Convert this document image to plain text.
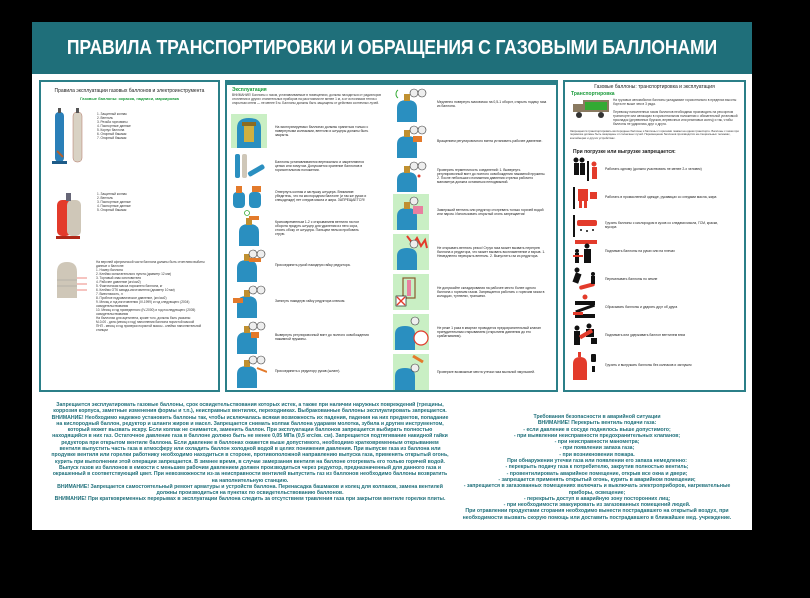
ПРАВИЛА ТРАНСПОРТИРОВКИ И ОБРАЩЕНИЯ С ГАЗОВЫМИ БАЛЛОНАМИ
Правила эксплуатации газовых баллонов и электроинструмента
Газовые баллоны: окраска, надписи, маркировка
1. Защитный колпак
2. Вентиль
3. Резьба горловины
4. Паспортные данные
5. Корпус баллона
6. Опорный башмак
7. Опорный башмак
1. Защитный колпак
2. Вентиль
3. Паспортные данные
4. Паспортные данные
5. Опорный башмак
На верхней сферической части баллона должны быть отчетливо выбиты данные о баллоне:
1. Номер баллона
2. Клеймо испытательного пункта (диаметр 12 мм)
3. Торговый знак изготовителя
4. Рабочее давление (кгс/см2)
5. Фактическая масса порожнего баллона, кг
6. Клеймо ОТК завода-изготовителя (диаметр 10 мм)
7. Вместимость, л
8. Пробное гидравлическое давление, (кгс/см2)
9. Месяц и год изготовления (IV-1999) и год следующего (2004) освидетельствования
10. Месяц и год проведенного (IV-2000) и год последующего (2005) освидетельствования
На баллонах для ацетилена, кроме того, должны быть указаны:
М-0-00 - дата (месяц и год) наполнения баллона пористой массой
ПНП - месяц и год проверки пористой массы - клеймо наполнительной станции
Эксплуатация
ВНИМАНИЕ! Баллоны с газом, устанавливаемые в помещениях, должны находиться от радиаторов отопления и других отопительных приборов на расстоянии не менее 1 м, а от источников тепла с открытым огнем — не менее 5 м. Баллоны должны быть защищены от действия солнечных лучей.
На эксплуатируемых баллонах должны храниться только с навернутыми колпаками, вентили и штуцеры должны быть закрыты.
Баллоны устанавливаются вертикально и закрепляются цепью или хомутом. Допускается хранение баллонов в горизонтальном положении.
Отвернуть колпак и заглушку штуцера. Внимание: убедитесь, что на кислородном баллоне (и так же руках и спецодежде) нет следов масла и жира. ЗАПРЕЩАЕТСЯ!
Кратковременным 1-2 с открыванием вентиля на пол оборота продуть штуцер для удаления из него сора, стоять сбоку от штуцера. Пальцем нельзя пробовать струю.
Присоединить рукой накидную гайку редуктора.
Затянуть накидную гайку редуктора ключом.
Вывернуть регулировочный винт до полного освобождения нажимной пружины.
Присоединить к редуктору рукав (шланг).
Медленно повернуть маховичок на 0,5-1 оборот, открыть подачу газа из баллона.
Вращением регулировочного винта установить рабочее давление.
Проверить герметичность соединений: 1. Вывернуть регулировочный винт до полного освобождения нажимной пружины. 2. После небольшого понижения давления стрелка рабочего манометра должна оставаться неподвижной.
Замерзший вентиль или редуктор отогревать только горячей водой или паром. Использовать открытый огонь запрещается!
Не открывать вентиль резко! Струя газа может вызвать перегрев баллона и редуктора, что может вызвать воспламенение и взрыв. 1. Немедленно перекрыть вентиль. 2. Выпустить газ из редуктора.
Не допускайте складирования на рабочее место более одного баллона с горючим газом. Запрещается работать с горючим газом в колодцах, туннелях, траншеях.
Не реже 1 раза в квартал проводится предохранительный клапан принудительным открыванием (открытием давления до его срабатывания).
Проверьте возможные места утечки газа мыльной эмульсией.
Газовые баллоны: транспортировка и эксплуатация
Транспортировка
На грузовых автомобилях баллоны укладывают горизонтально в пределах высоты борта не выше чем в 3 ряда.
Перевозку наполненных газом баллонов необходимо производить на рессорном транспорте или автокарах в горизонтальном положении с обязательной установкой прокладок (деревянных брусков, веревочных или резиновых колец) и так, чтобы баллоны не ударялись друг о друга.
Запрещается транспортировать кислородные баллоны и баллоны с горючими газами на одном транспорте. Баллоны с газом при перевозке должны быть защищены от солнечных лучей. Перемещение баллонов производится на специальных тележках, контейнерах и других устройствах.
При погрузке или выгрузке запрещается:
Работать одному (должно участвовать не менее 2-х человек)
Работать в промасленной одежде, рукавицах со следами масла, жира
Грузить баллоны с кислородом в кузов со следами масла, ГСМ, краски, мусора
Поднимать баллоны на руках или на плечах
Перекатывать баллоны по земле
Сбрасывать баллоны и ударять друг об друга
Поднимать или удерживать баллон вентилем вниз
Грузить и выгружать баллоны без колпаков и заглушек

Запрещается эксплуатировать газовые баллоны, срок освидетельствования которых истек, а также при наличии наружных повреждений (трещины, коррозия корпуса, заметные изменения формы и т.п.), неисправных вентилях, переходниках. Выбракованные баллоны эксплуатировать запрещается.

ВНИМАНИЕ! Необходимо надежно установить баллоны так, чтобы исключалась всякая возможность их падения, падения на них предметов, попадание на кислородный баллон, редуктор и шланги жиров и масел. Запрещается снимать колпак баллона ударами молотка, зубила и другим инструментом, который может вызвать искру. Если колпак не снимается, заменить баллон. При эксплуатации баллонов запрещается выбирать полностью находящийся в них газ. Остаточное давление газа в баллоне должно быть не менее 0,05 МПа (0,5 кгс/кв. см). Запрещается подтягивание накидной гайки редуктора при открытом вентиле баллона. Если давление в баллонах окажется выше допустимого, необходимо кратковременным открыванием вентиля выпустить часть газа в атмосферу или охладить баллон холодной водой в целях понижения давления. При выпуске газа из баллона или продувке вентиля или горелки работнику необходимо находиться в стороне, противоположной направлению выпуска газа, применять открытый огонь, курить при выполнении этой операции запрещается. В зимнее время, в случае замерзания вентиля на баллоне отогревать его только горячей водой. Выпуск газов из баллонов в емкости с меньшим рабочим давлением должен производиться через редуктор, предназначенный для данного газа и окрашенный в соответствующий цвет. При невозможности из-за неисправности вентилей выпустить газ из баллонов необходимо баллоны возвратить на наполнительную станцию.

ВНИМАНИЕ! Запрещается самостоятельный ремонт арматуры и устройств баллона. Перенасадка башмаков и колец для колпаков, замена вентилей должны производиться на пунктах по освидетельствованию баллонов.

ВНИМАНИЕ! При кратковременных перерывах в эксплуатации баллона следить за отсутствием травления газа при закрытом вентиле горелки плиты.

Требования безопасности в аварийной ситуации

ВНИМАНИЕ! Перекрыть вентиль подачи газа:

- если давление в сосуде поднялось выше допустимого;

- при выявлении неисправности предохранительных клапанов;

- при неисправности манометра;

- при появлении запаха газа;

- при возникновении пожара.

При обнаружении утечки газа или появлении его запаха немедленно:

- перекрыть подачу газа к потребителю, закрутив полностью вентиль;

- провентилировать аварийное помещение, открыв все окна и двери;

- запрещается применять открытый огонь, курить в аварийном помещении;

- запрещается в загазованных помещениях включать и выключать электроприборов, нагревательные приборы, освещение;

- перекрыть доступ в аварийную зону посторонних лиц;

- при необходимости эвакуировать из загазованных помещений людей.

При отравлении продуктами сгорания необходимо вынести пострадавшего на открытый воздух, при необходимости вызвать скорую помощь или доставить пострадавшего в ближайшее мед. учреждение.
